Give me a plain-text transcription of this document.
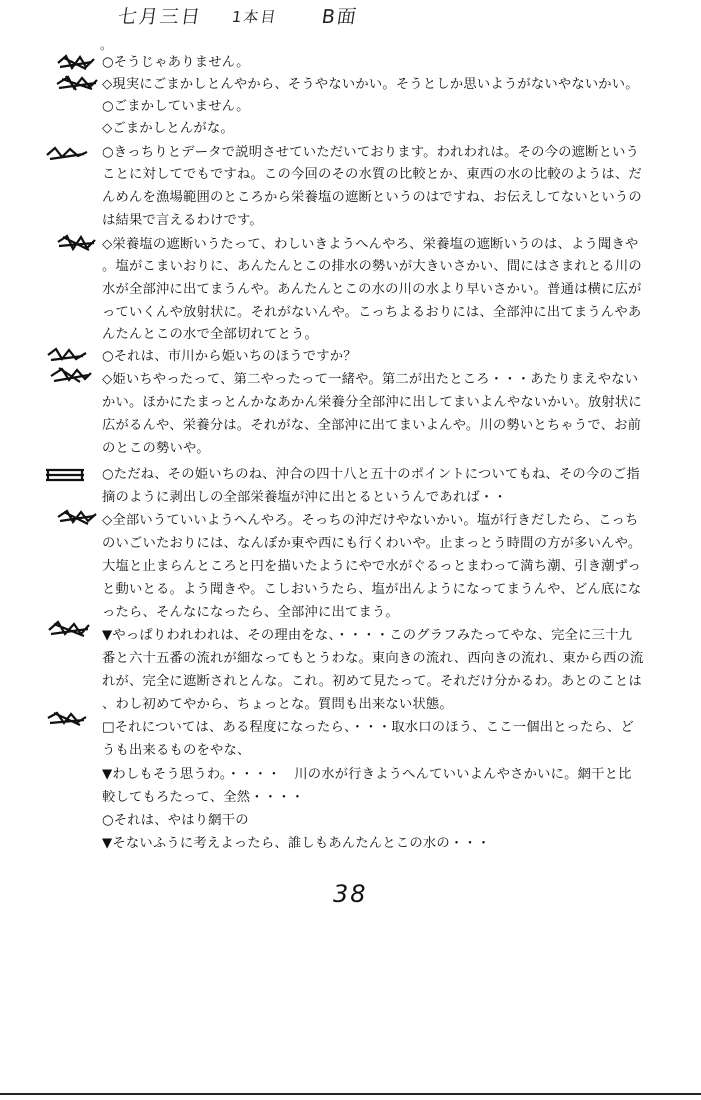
七月三日 1本目 B面
。
○そうじゃありません。
◇現実にごまかしとんやから、そうやないかい。そうとしか思いようがないやないかい。
○ごまかしていません。
◇ごまかしとんがな。
○きっちりとデータで説明させていただいております。われわれは。その今の遮断という
ことに対してでもですね。この今回のその水質の比較とか、東西の水の比較のようは、だ
んめんを漁場範囲のところから栄養塩の遮断というのはですね、お伝えしてないというの
は結果で言えるわけです。
◇栄養塩の遮断いうたって、わしいきようへんやろ、栄養塩の遮断いうのは、よう聞きや
。塩がこまいおりに、あんたんとこの排水の勢いが大きいさかい、間にはさまれとる川の
水が全部沖に出てまうんや。あんたんとこの水の川の水より早いさかい。普通は横に広が
っていくんや放射状に。それがないんや。こっちよるおりには、全部沖に出てまうんやあ
んたんとこの水で全部切れてとう。
○それは、市川から姫いちのほうですか？
◇姫いちやったって、第二やったって一緒や。第二が出たところ・・・あたりまえやない
かい。ほかにたまっとんかなあかん栄養分全部沖に出してまいよんやないかい。放射状に
広がるんや、栄養分は。それがな、全部沖に出てまいよんや。川の勢いとちゃうで、お前
のとこの勢いや。
○ただね、その姫いちのね、沖合の四十八と五十のポイントについてもね、その今のご指
摘のように剥出しの全部栄養塩が沖に出とるというんであれば・・
◇全部いうていいようへんやろ。そっちの沖だけやないかい。塩が行きだしたら、こっち
のいごいたおりには、なんぼか東や西にも行くわいや。止まっとう時間の方が多いんや。
大塩と止まらんところと円を描いたようにやで水がぐるっとまわって満ち潮、引き潮ずっ
と動いとる。よう聞きや。こしおいうたら、塩が出んようになってまうんや、どん底にな
ったら、そんなになったら、全部沖に出てまう。
▼やっぱりわれわれは、その理由をな、・・・・このグラフみたってやな、完全に三十九
番と六十五番の流れが細なってもとうわな。東向きの流れ、西向きの流れ、東から西の流
れが、完全に遮断されとんな。これ。初めて見たって。それだけ分かるわ。あとのことは
、わし初めてやから、ちょっとな。質問も出来ない状態。
□それについては、ある程度になったら、・・・取水口のほう、ここ一個出とったら、ど
うも出来るものをやな、
▼わしもそう思うわ。・・・・　川の水が行きようへんていいよんやさかいに。網干と比
較してもろたって、全然・・・・
○それは、やはり網干の
▼そないふうに考えよったら、誰しもあんたんとこの水の・・・
38
